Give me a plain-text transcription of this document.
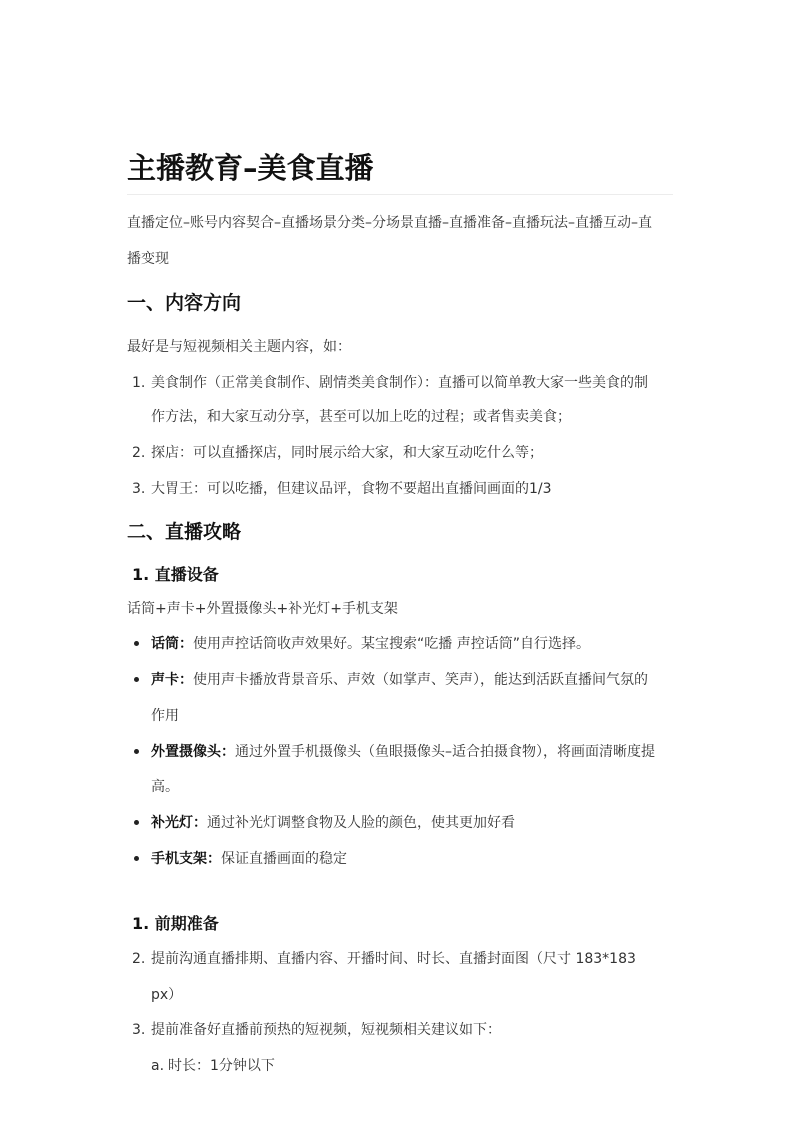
主播教育–美食直播
直播定位–账号内容契合–直播场景分类–分场景直播–直播准备–直播玩法–直播互动–直
播变现
一、内容方向
最好是与短视频相关主题内容，如：
1. 美食制作（正常美食制作、剧情类美食制作）：直播可以简单教大家一些美食的制
作方法，和大家互动分享，甚至可以加上吃的过程；或者售卖美食；
2. 探店：可以直播探店，同时展示给大家，和大家互动吃什么等；
3. 大胃王：可以吃播，但建议品评，食物不要超出直播间画面的1/3
二、直播攻略
1. 直播设备
话筒+声卡+外置摄像头+补光灯+手机支架
话筒：使用声控话筒收声效果好。某宝搜索“吃播 声控话筒”自行选择。
声卡：使用声卡播放背景音乐、声效（如掌声、笑声），能达到活跃直播间气氛的
作用
外置摄像头：通过外置手机摄像头（鱼眼摄像头–适合拍摄食物），将画面清晰度提
高。
补光灯：通过补光灯调整食物及人脸的颜色，使其更加好看
手机支架：保证直播画面的稳定
1. 前期准备
2. 提前沟通直播排期、直播内容、开播时间、时长、直播封面图（尺寸 183*183
px）
3. 提前准备好直播前预热的短视频，短视频相关建议如下：
a. 时长：1分钟以下
